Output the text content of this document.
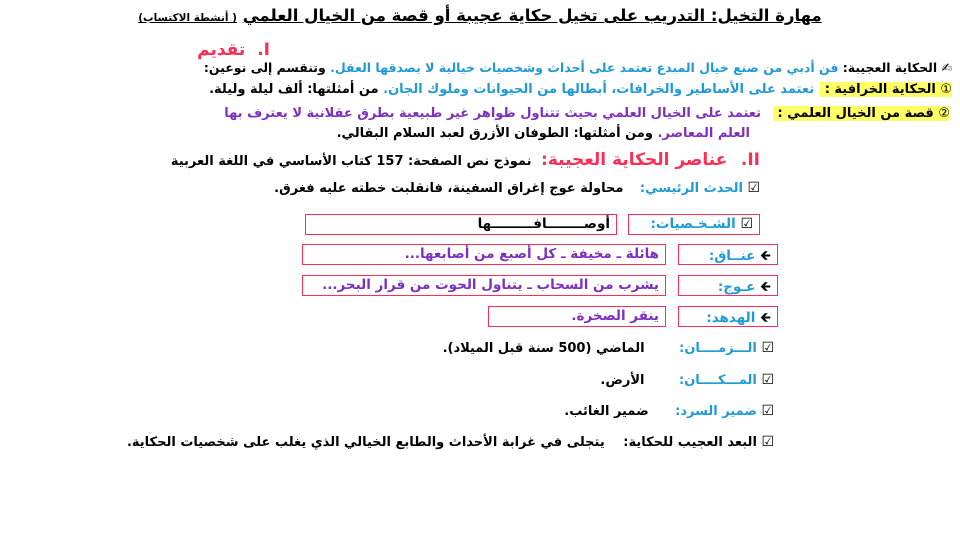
مهارة التخيل: التدريب على تخيل حكاية عجيبة أو قصة من الخيال العلمي ( أنشطة الاكتساب)
I. تقديم
✍ الحكاية العجيبة: فن أدبي من صنع خيال المبدع تعتمد على أحداث وشخصيات خيالية لا يصدقها العقل. وتنقسم إلى نوعين:
① الحكاية الخرافية : تعتمد على الأساطير والخرافات، أبطالها من الحيوانات وملوك الجان. من أمثلتها: ألف ليلة وليلة.
② قصة من الخيال العلمي : تعتمد على الخيال العلمي بحيث تتناول ظواهر غير طبيعية بطرق عقلانية لا يعترف بها
العلم المعاصر. ومن أمثلتها: الطوفان الأزرق لعبد السلام البقالي.
II. عناصر الحكاية العجيبة: نموذج نص الصفحة: 157 كتاب الأساسي في اللغة العربية
☑ الحدث الرئيسي: محاولة عوج إغراق السفينة، فانقلبت خطته عليه فغرق.
☑ الشـخـصيات:
أوصــــــــافـــــــــها
🡸 عنــاق:
هائلة ـ مخيفة ـ كل أصبع من أصابعها...
🡸 عـوج:
يشرب من السحاب ـ يتناول الحوت من قرار البحر...
🡸 الهدهد:
ينقر الصخرة.
☑ الـــزمــــان: الماضي (500 سنة قبل الميلاد).
☑ المـــكــــان: الأرض.
☑ ضمير السرد: ضمير الغائب.
☑ البعد العجيب للحكاية: يتجلى في غرابة الأحداث والطابع الخيالي الذي يغلب على شخصيات الحكاية.
